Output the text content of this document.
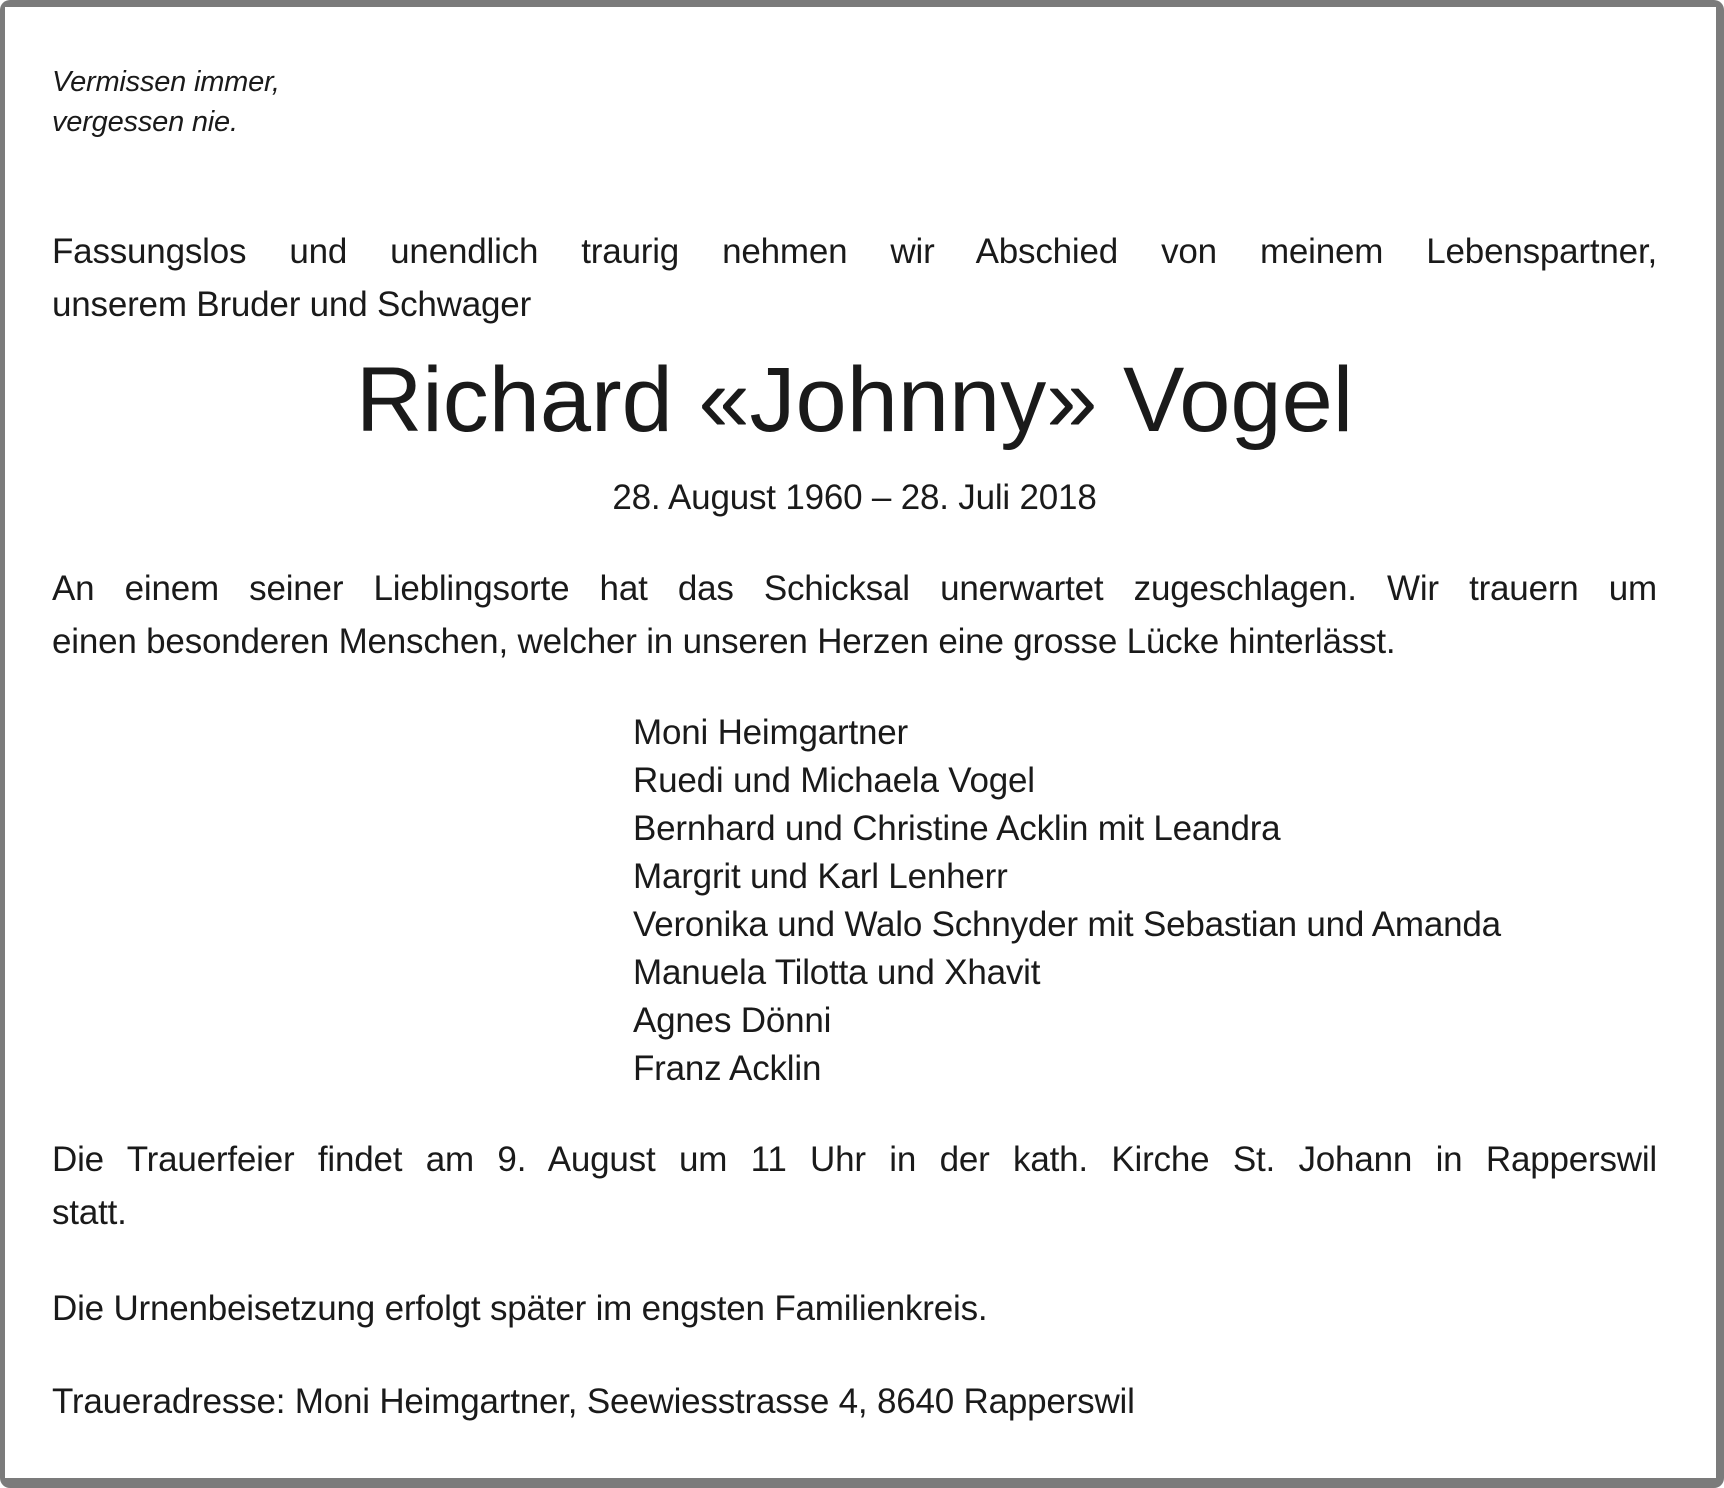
Vermissen immer,
vergessen nie.
Fassungslos und unendlich traurig nehmen wir Abschied von meinem Lebenspartner,
unserem Bruder und Schwager
Richard «Johnny» Vogel
28. August 1960 – 28. Juli 2018
An einem seiner Lieblingsorte hat das Schicksal unerwartet zugeschlagen. Wir trauern um
einen besonderen Menschen, welcher in unseren Herzen eine grosse Lücke hinterlässt.
Moni Heimgartner
Ruedi und Michaela Vogel
Bernhard und Christine Acklin mit Leandra
Margrit und Karl Lenherr
Veronika und Walo Schnyder mit Sebastian und Amanda
Manuela Tilotta und Xhavit
Agnes Dönni
Franz Acklin
Die Trauerfeier findet am 9. August um 11 Uhr in der kath. Kirche St. Johann in Rapperswil
statt.
Die Urnenbeisetzung erfolgt später im engsten Familienkreis.
Traueradresse: Moni Heimgartner, Seewiesstrasse 4, 8640 Rapperswil
